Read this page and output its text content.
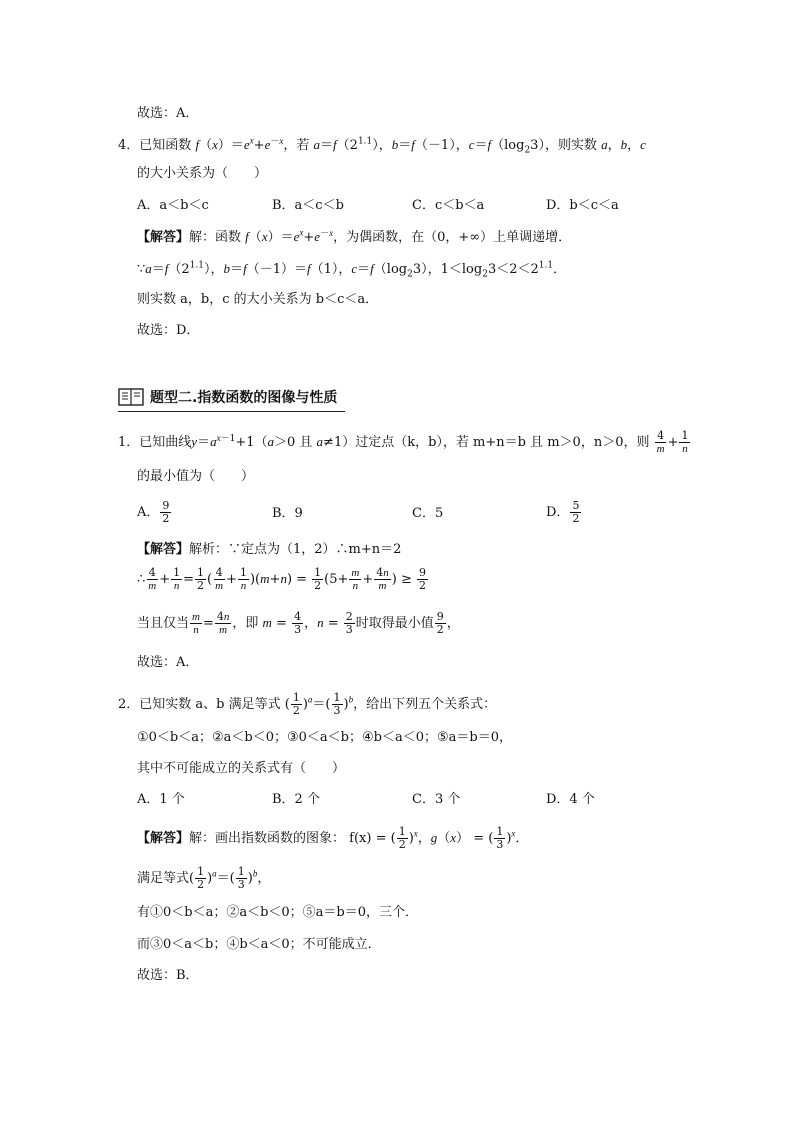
故选：A．
4．已知函数 $f(x)=e^x+e^{-x}$，若 $a=f(2^{1.1})$，b＝f（－1），$c=f(\log_23)$，则实数 a，b，c
的大小关系为（　　）
A．a＜b＜c	B．a＜c＜b	C．c＜b＜a	D．b＜c＜a
【解答】解：函数 $f(x)=e^x+e^{-x}$，为偶函数，在（0，+∞）上单调递增．
$\because a=f(2^{1.1})$，b＝f（－1）＝f（1），$c=f(\log_23)$，$1<\log_23<2<2^{1.1}$．
则实数 a，b，c 的大小关系为 b＜c＜a．
故选：D．
题型二.指数函数的图像与性质
1．已知曲线$y=a^{x-1}+1(a>0$ 且 a≠1）过定点（k，b），若 m+n＝b 且 m＞0，n＞0，则 $\frac{4}{m} + \frac{1}{n}$
的最小值为（　　）
A． $\frac{9}{2}$	B．9	C．5	D． $\frac{5}{2}$
【解答】解析：∵定点为（1，2）∴m+n＝2
∴ $\frac{4}{m} + \frac{1}{n} = \frac{1}{2}$ ( $\frac{4}{m} + \frac{1}{n} )(m+n) = \frac{1}{2} (5+ \frac{m}{n} + \frac{4n}{m}$ ) ≥ $\frac{9}{2}$
当且仅当 $\frac{m}{n} = \frac{4n}{m}$ ，即 $m = \frac{4}{3}$ ，$n = \frac{2}{3}$ 时取得最小值 $\frac{9}{2}$ ，
故选：A．
2．已知实数 a、b 满足等式 ( $\frac{1}{2} )^a=( \frac{1}{3} )^b$，给出下列五个关系式：
①0＜b＜a；②a＜b＜0；③0＜a＜b；④b＜a＜0；⑤a＝b＝0，
其中不可能成立的关系式有（　　）
A．1 个	B．2 个	C．3 个	D．4 个
【解答】解：画出指数函数的图象： f(x) = ( $\frac{1}{2} )^x$，g（x） = ( $\frac{1}{3} )^x$．
满足等式( $\frac{1}{2} )^a=( \frac{1}{3} )^b$，
有①0＜b＜a；②a＜b＜0；⑤a＝b＝0，三个．
而③0＜a＜b；④b＜a＜0；不可能成立．
故选：B．
